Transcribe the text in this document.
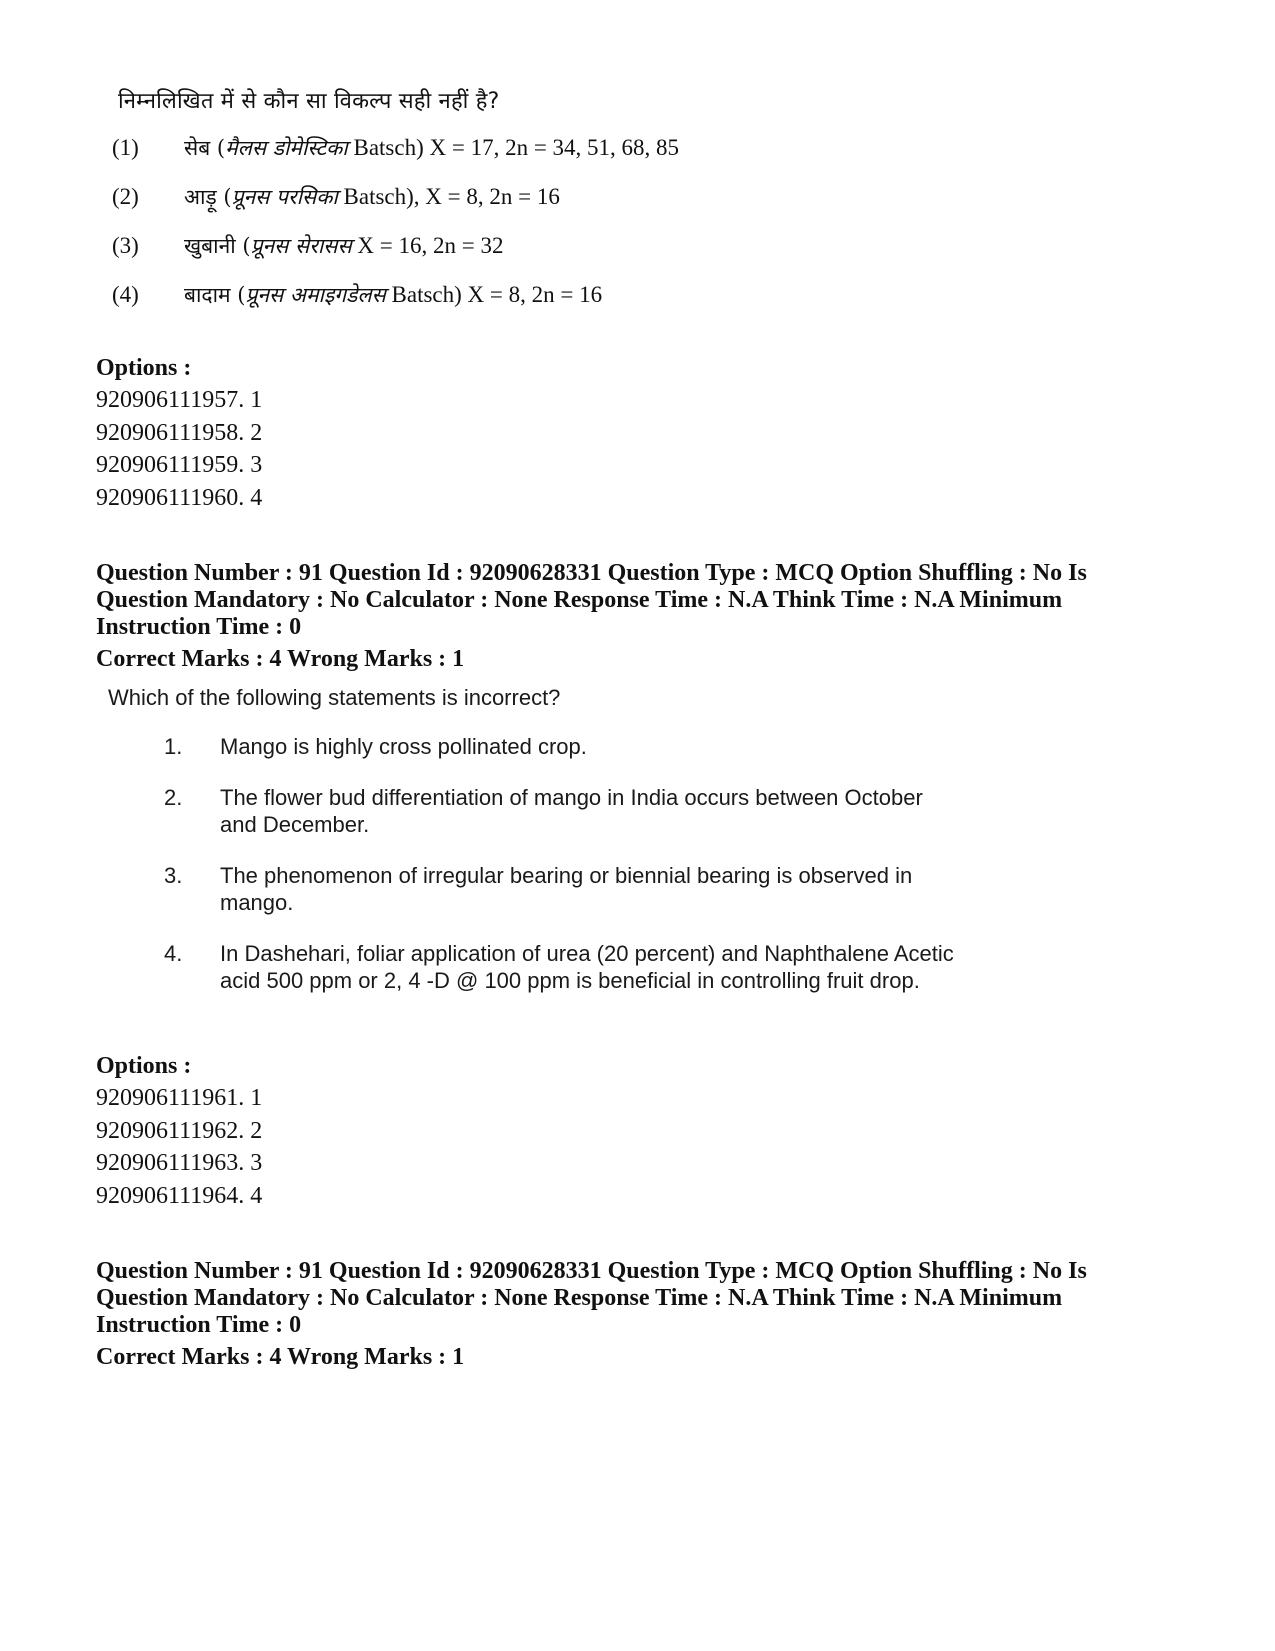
निम्नलिखित में से कौन सा विकल्प सही नहीं है?
(1)	सेब (मैलस डोमेस्टिका Batsch) X = 17, 2n = 34, 51, 68, 85
(2)	आड़ू (प्रूनस परसिका Batsch), X = 8, 2n = 16
(3)	खुबानी (प्रूनस सेरासस X = 16, 2n = 32
(4)	बादाम (प्रूनस अमाइगडेलस Batsch) X = 8, 2n = 16
Options :
920906111957. 1
920906111958. 2
920906111959. 3
920906111960. 4
Question Number : 91 Question Id : 92090628331 Question Type : MCQ Option Shuffling : No Is
Question Mandatory : No Calculator : None Response Time : N.A Think Time : N.A Minimum
Instruction Time : 0
Correct Marks : 4 Wrong Marks : 1
Which of the following statements is incorrect?
1.	Mango is highly cross pollinated crop.
2.	The flower bud differentiation of mango in India occurs between October and December.
3.	The phenomenon of irregular bearing or biennial bearing is observed in mango.
4.	In Dashehari, foliar application of urea (20 percent) and Naphthalene Acetic acid 500 ppm or 2, 4 -D @ 100 ppm is beneficial in controlling fruit drop.
Options :
920906111961. 1
920906111962. 2
920906111963. 3
920906111964. 4
Question Number : 91 Question Id : 92090628331 Question Type : MCQ Option Shuffling : No Is
Question Mandatory : No Calculator : None Response Time : N.A Think Time : N.A Minimum
Instruction Time : 0
Correct Marks : 4 Wrong Marks : 1
